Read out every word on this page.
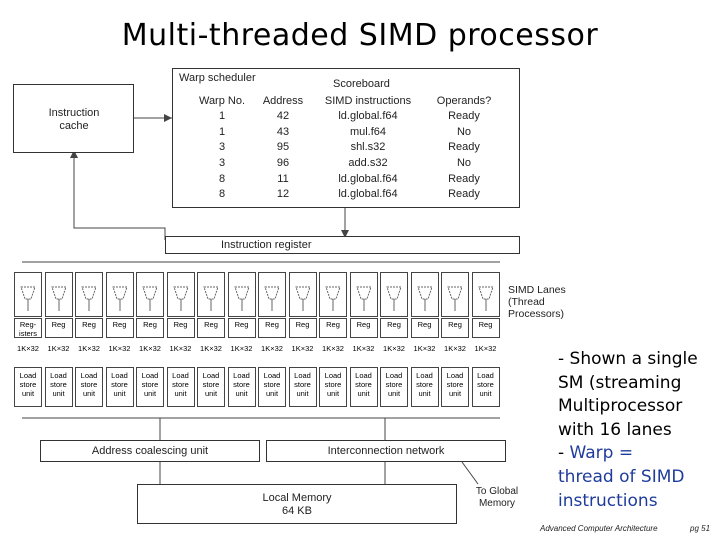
Multi-threaded SIMD processor
Instruction cache
Warp scheduler	Scoreboard
Warp No.	Address	SIMD instructions	Operands?
1	42	ld.global.f64	Ready
1	43	mul.f64	No
3	95	shl.s32	Ready
3	96	add.s32	No
8	11	ld.global.f64	Ready
8	12	ld.global.f64	Ready
Instruction register
Reg-isters
1K×32
Load store unit
Reg
1K×32
Load store unit
Reg
1K×32
Load store unit
Reg
1K×32
Load store unit
Reg
1K×32
Load store unit
Reg
1K×32
Load store unit
Reg
1K×32
Load store unit
Reg
1K×32
Load store unit
Reg
1K×32
Load store unit
Reg
1K×32
Load store unit
Reg
1K×32
Load store unit
Reg
1K×32
Load store unit
Reg
1K×32
Load store unit
Reg
1K×32
Load store unit
Reg
1K×32
Load store unit
Reg
1K×32
Load store unit
SIMD Lanes (Thread Processors)
Address coalescing unit	Interconnection network
Local Memory
64 KB
To Global Memory
- Shown a single SM (streaming Multiprocessor with 16 lanes
- Warp =
thread of SIMD instructions
Advanced Computer Architecture	pg 51
